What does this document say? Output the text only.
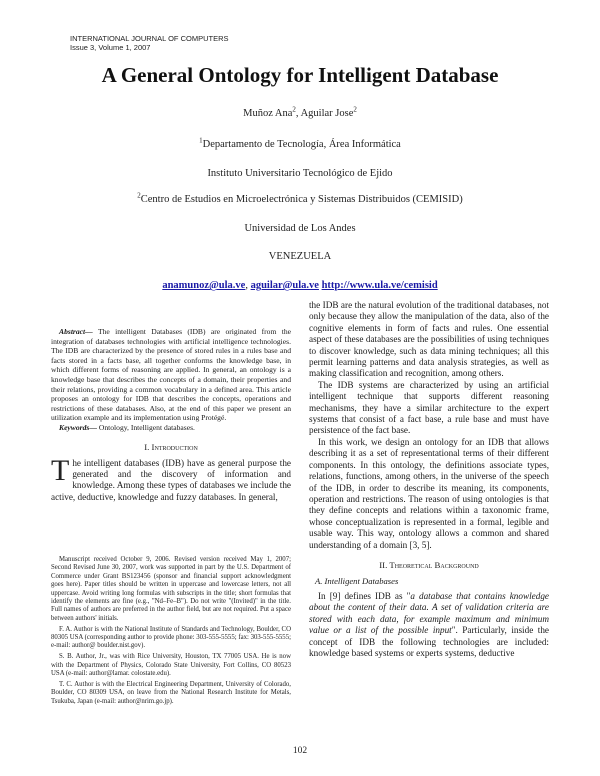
INTERNATIONAL JOURNAL OF COMPUTERS
Issue 3, Volume 1, 2007
A General Ontology for Intelligent Database
Muñoz Ana$^2$, Aguilar Jose$^2$
$^1$Departamento de Tecnología, Área Informática
Instituto Universitario Tecnológico de Ejido
$^2$Centro de Estudios en Microelectrónica y Sistemas Distribuidos (CEMISID)
Universidad de Los Andes
VENEZUELA
anamunoz@ula.ve, aguilar@ula.ve http://www.ula.ve/cemisid

Abstract— The intelligent Databases (IDB) are originated from the integration of databases technologies with artificial intelligence technologies. The IDB are characterized by the presence of stored rules in a rules base and facts stored in a facts base, all together conforms the knowledge base, in which different forms of reasoning are applied. In general, an ontology is a knowledge base that describes the concepts of a domain, their properties and their relations, providing a common vocabulary in a defined area. This article proposes an ontology for IDB that describes the concepts, operations and restrictions of these databases. Also, at the end of this paper we present an utilization example and its implementation using Protégé.

Keywords— Ontology, Intelligent databases.

I. Introduction

The intelligent databases (IDB) have as general purpose the generated and the discovery of information and knowledge. Among these types of databases we include the active, deductive, knowledge and fuzzy databases. In general,

Manuscript received October 9, 2006. Revised version received May 1, 2007; Second Revised June 30, 2007, work was supported in part by the U.S. Department of Commerce under Grant BS123456 (sponsor and financial support acknowledgment goes here). Paper titles should be written in uppercase and lowercase letters, not all uppercase. Avoid writing long formulas with subscripts in the title; short formulas that identify the elements are fine (e.g., "Nd–Fe–B"). Do not write "(Invited)" in the title. Full names of authors are preferred in the author field, but are not required. Put a space between authors' initials.

F. A. Author is with the National Institute of Standards and Technology, Boulder, CO 80305 USA (corresponding author to provide phone: 303-555-5555; fax: 303-555-5555; e-mail: author@ boulder.nist.gov).

S. B. Author, Jr., was with Rice University, Houston, TX 77005 USA. He is now with the Department of Physics, Colorado State University, Fort Collins, CO 80523 USA (e-mail: author@lamar. colostate.edu).

T. C. Author is with the Electrical Engineering Department, University of Colorado, Boulder, CO 80309 USA, on leave from the National Research Institute for Metals, Tsukuba, Japan (e-mail: author@nrim.go.jp).

the IDB are the natural evolution of the traditional databases, not only because they allow the manipulation of the data, also of the cognitive elements in form of facts and rules. One essential aspect of these databases are the possibilities of using techniques to discover knowledge, such as data mining techniques; all this permit learning patterns and data analysis strategies, as well as making classification and recognition, among others.

The IDB systems are characterized by using an artificial intelligent technique that supports different reasoning mechanisms, they have a similar architecture to the expert systems that consist of a fact base, a rule base and must have persistence of the fact base.

In this work, we design an ontology for an IDB that allows describing it as a set of representational terms of their different components. In this ontology, the definitions associate types, relations, functions, among others, in the universe of the speech of the IDB, in order to describe its meaning, its components, operation and restrictions. The reason of using ontologies is that they define concepts and relations within a taxonomic frame, whose conceptualization is represented in a formal, legible and usable way. This way, ontology allows a common and shared understanding of a domain [3, 5].

II. Theoretical Background
A. Intelligent Databases

In [9] defines IDB as "a database that contains knowledge about the content of their data. A set of validation criteria are stored with each data, for example maximum and minimum value or a list of the possible input". Particularly, inside the concept of IDB the following technologies are included: knowledge based systems or experts systems, deductive

102
